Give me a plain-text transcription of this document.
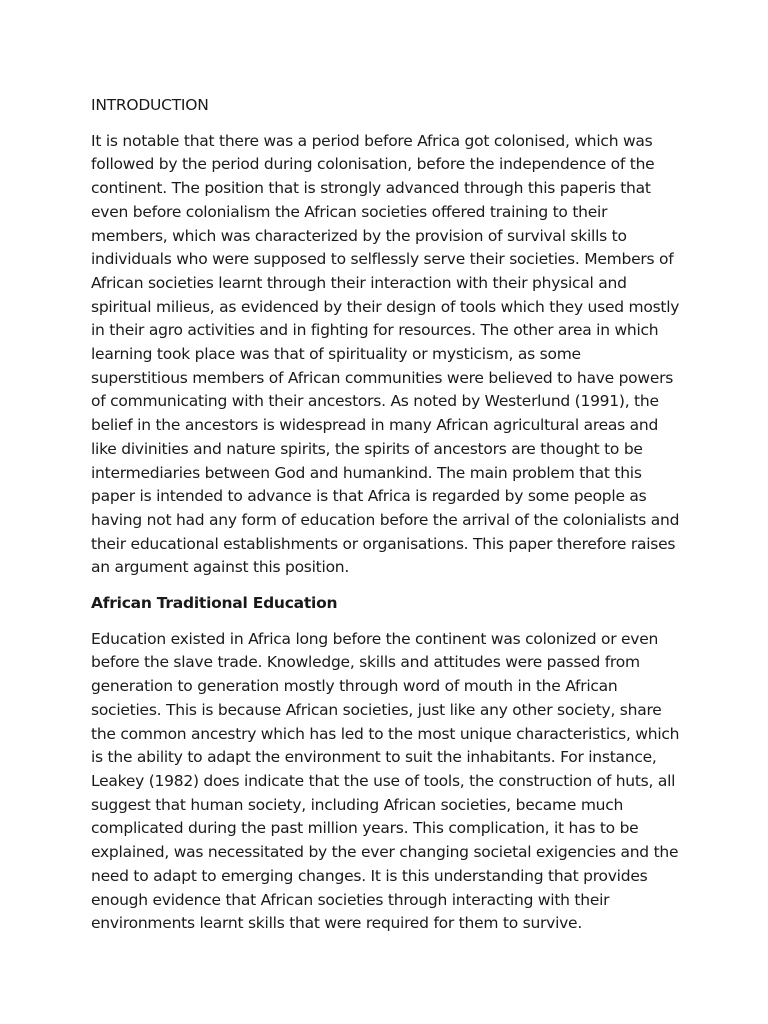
INTRODUCTION

It is notable that there was a period before Africa got colonised, which was followed by the period during colonisation, before the independence of the continent. The position that is strongly advanced through this paperis that even before colonialism the African societies offered training to their members, which was characterized by the provision of survival skills to individuals who were supposed to selflessly serve their societies. Members of African societies learnt through their interaction with their physical and spiritual milieus, as evidenced by their design of tools which they used mostly in their agro activities and in fighting for resources. The other area in which learning took place was that of spirituality or mysticism, as some superstitious members of African communities were believed to have powers of communicating with their ancestors. As noted by Westerlund (1991), the belief in the ancestors is widespread in many African agricultural areas and like divinities and nature spirits, the spirits of ancestors are thought to be intermediaries between God and humankind. The main problem that this paper is intended to advance is that Africa is regarded by some people as having not had any form of education before the arrival of the colonialists and their educational establishments or organisations. This paper therefore raises an argument against this position.

African Traditional Education

Education existed in Africa long before the continent was colonized or even before the slave trade. Knowledge, skills and attitudes were passed from generation to generation mostly through word of mouth in the African societies. This is because African societies, just like any other society, share the common ancestry which has led to the most unique characteristics, which is the ability to adapt the environment to suit the inhabitants. For instance, Leakey (1982) does indicate that the use of tools, the construction of huts, all suggest that human society, including African societies, became much complicated during the past million years. This complication, it has to be explained, was necessitated by the ever changing societal exigencies and the need to adapt to emerging changes. It is this understanding that provides enough evidence that African societies through interacting with their environments learnt skills that were required for them to survive.
